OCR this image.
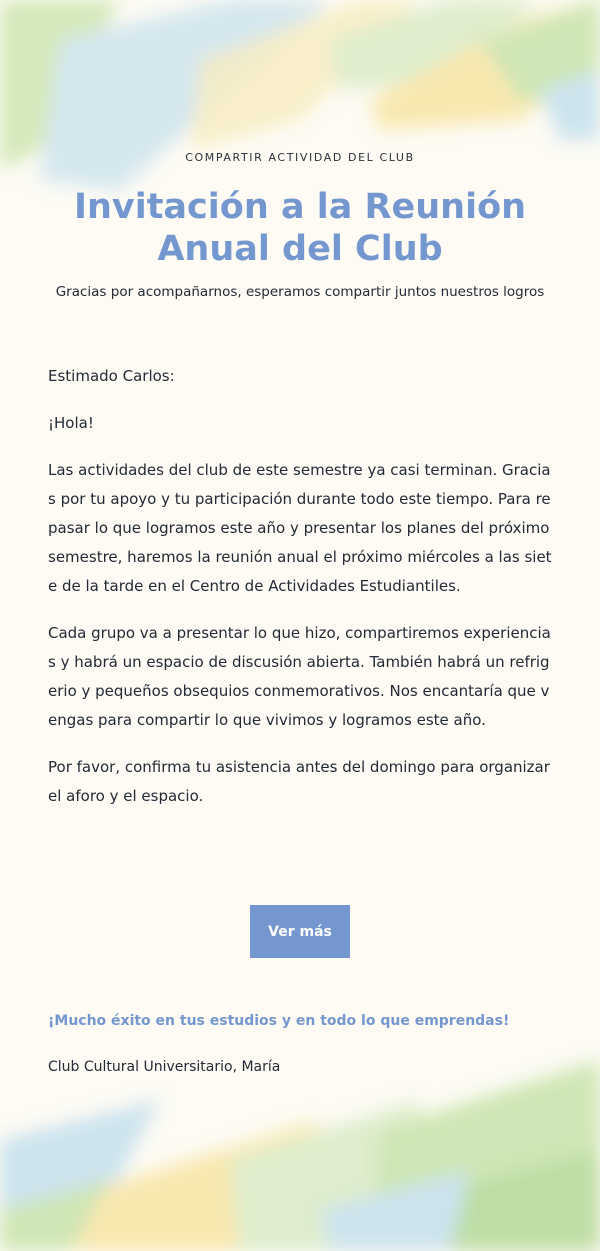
COMPARTIR ACTIVIDAD DEL CLUB
Invitación a la Reunión Anual del Club
Gracias por acompañarnos, esperamos compartir juntos nuestros logros

Estimado Carlos:

¡Hola!

Las actividades del club de este semestre ya casi terminan. Gracias por tu apoyo y tu participación durante todo este tiempo. Para repasar lo que logramos este año y presentar los planes del próximo semestre, haremos la reunión anual el próximo miércoles a las siete de la tarde en el Centro de Actividades Estudiantiles.

Cada grupo va a presentar lo que hizo, compartiremos experiencias y habrá un espacio de discusión abierta. También habrá un refrigerio y pequeños obsequios conmemorativos. Nos encantaría que vengas para compartir lo que vivimos y logramos este año.

Por favor, confirma tu asistencia antes del domingo para organizar el aforo y el espacio.

Ver más
¡Mucho éxito en tus estudios y en todo lo que emprendas!
Club Cultural Universitario, María
